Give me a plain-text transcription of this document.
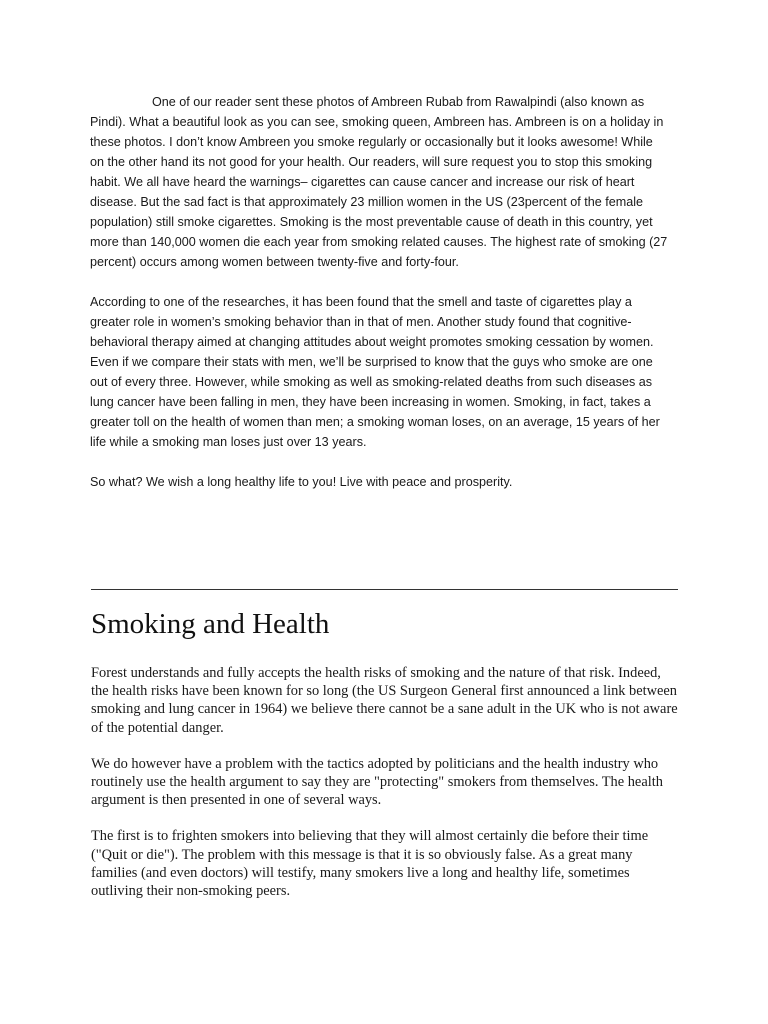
One of our reader sent these photos of Ambreen Rubab from Rawalpindi (also known as Pindi). What a beautiful look as you can see, smoking queen, Ambreen has. Ambreen is on a holiday in these photos. I don’t know Ambreen you smoke regularly or occasionally but it looks awesome! While on the other hand its not good for your health. Our readers, will sure request you to stop this smoking habit. We all have heard the warnings– cigarettes can cause cancer and increase our risk of heart disease. But the sad fact is that approximately 23 million women in the US (23percent of the female population) still smoke cigarettes. Smoking is the most preventable cause of death in this country, yet more than 140,000 women die each year from smoking related causes. The highest rate of smoking (27 percent) occurs among women between twenty-five and forty-four.

According to one of the researches, it has been found that the smell and taste of cigarettes play a greater role in women’s smoking behavior than in that of men. Another study found that cognitive-behavioral therapy aimed at changing attitudes about weight promotes smoking cessation by women. Even if we compare their stats with men, we’ll be surprised to know that the guys who smoke are one out of every three. However, while smoking as well as smoking-related deaths from such diseases as lung cancer have been falling in men, they have been increasing in women. Smoking, in fact, takes a greater toll on the health of women than men; a smoking woman loses, on an average, 15 years of her life while a smoking man loses just over 13 years.

So what? We wish a long healthy life to you! Live with peace and prosperity.

Smoking and Health

Forest understands and fully accepts the health risks of smoking and the nature of that risk. Indeed, the health risks have been known for so long (the US Surgeon General first announced a link between smoking and lung cancer in 1964) we believe there cannot be a sane adult in the UK who is not aware of the potential danger.

We do however have a problem with the tactics adopted by politicians and the health industry who routinely use the health argument to say they are "protecting" smokers from themselves. The health argument is then presented in one of several ways.

The first is to frighten smokers into believing that they will almost certainly die before their time ("Quit or die"). The problem with this message is that it is so obviously false. As a great many families (and even doctors) will testify, many smokers live a long and healthy life, sometimes outliving their non-smoking peers.
